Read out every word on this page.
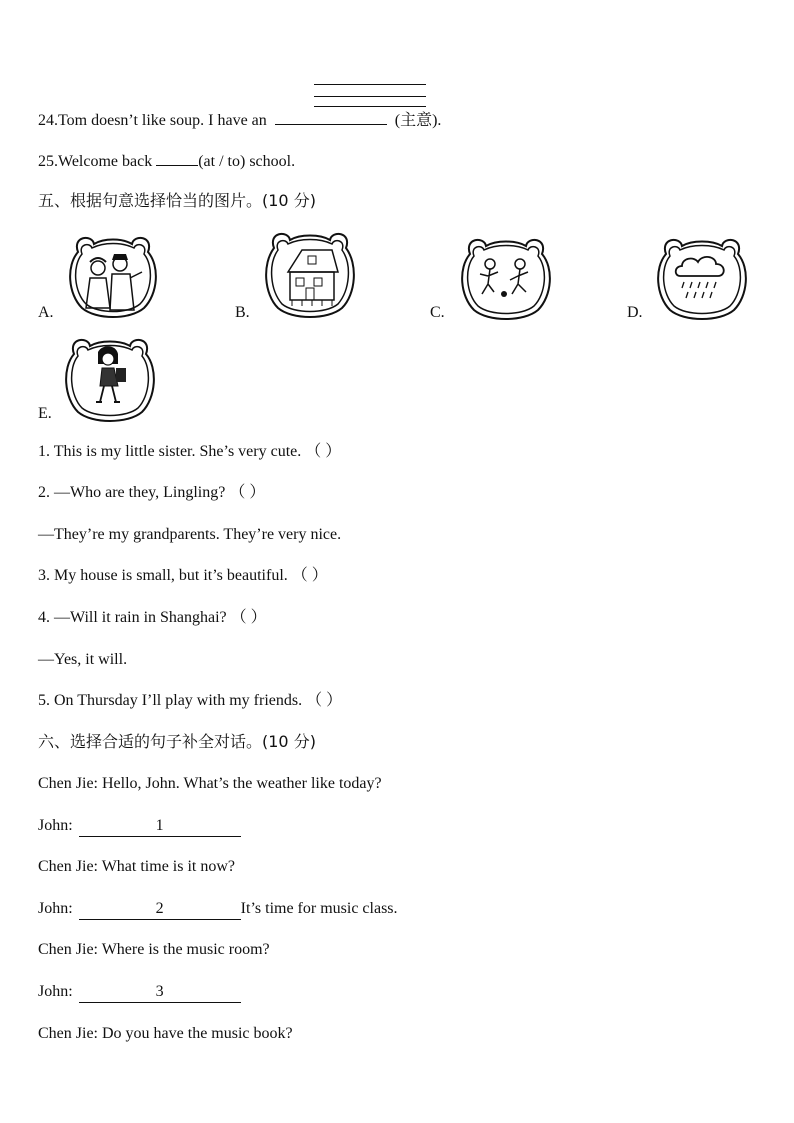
24.Tom doesn’t like soup. I have an	(主意).
25.Welcome back	(at / to) school.
五、根据句意选择恰当的图片。(10 分)
A.	B.	C.	D.
E.
1. This is my little sister. She’s very cute. （ ）
2. —Who are they, Lingling? （ ）
—They’re my grandparents. They’re very nice.
3. My house is small, but it’s beautiful. （ ）
4. —Will it rain in Shanghai? （ ）
—Yes, it will.
5. On Thursday I’ll play with my friends. （ ）
六、选择合适的句子补全对话。(10 分)
Chen Jie: Hello, John. What’s the weather like today?
John:	1
Chen Jie: What time is it now?
John:	2	It’s time for music class.
Chen Jie: Where is the music room?
John:	3
Chen Jie: Do you have the music book?
